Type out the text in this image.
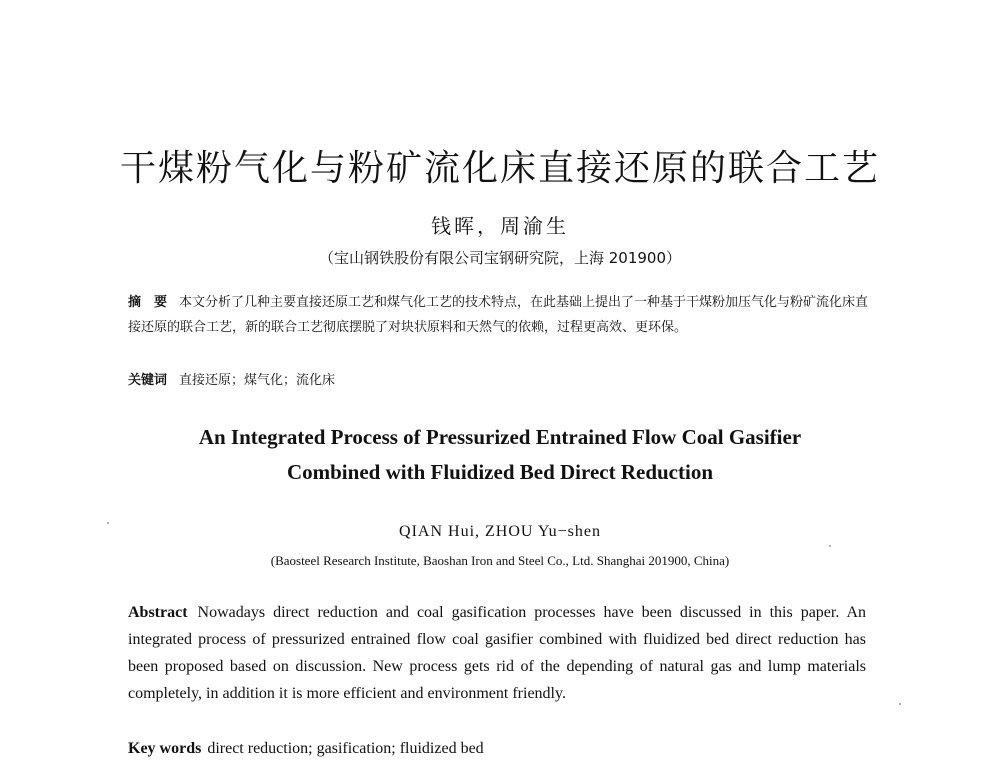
干煤粉气化与粉矿流化床直接还原的联合工艺
钱晖，周渝生
（宝山钢铁股份有限公司宝钢研究院，上海 201900）
摘　要 本文分析了几种主要直接还原工艺和煤气化工艺的技术特点，在此基础上提出了一种基于干煤粉加压气化与粉矿流化床直接还原的联合工艺，新的联合工艺彻底摆脱了对块状原料和天然气的依赖，过程更高效、更环保。
关键词 直接还原；煤气化；流化床
An Integrated Process of Pressurized Entrained Flow Coal Gasifier
Combined with Fluidized Bed Direct Reduction
QIAN Hui, ZHOU Yu−shen
(Baosteel Research Institute, Baoshan Iron and Steel Co., Ltd. Shanghai 201900, China)
Abstract Nowadays direct reduction and coal gasification processes have been discussed in this paper. An integrated process of pressurized entrained flow coal gasifier combined with fluidized bed direct reduction has been proposed based on discussion. New process gets rid of the depending of natural gas and lump materials completely, in addition it is more efficient and environment friendly.
Key words direct reduction; gasification; fluidized bed
